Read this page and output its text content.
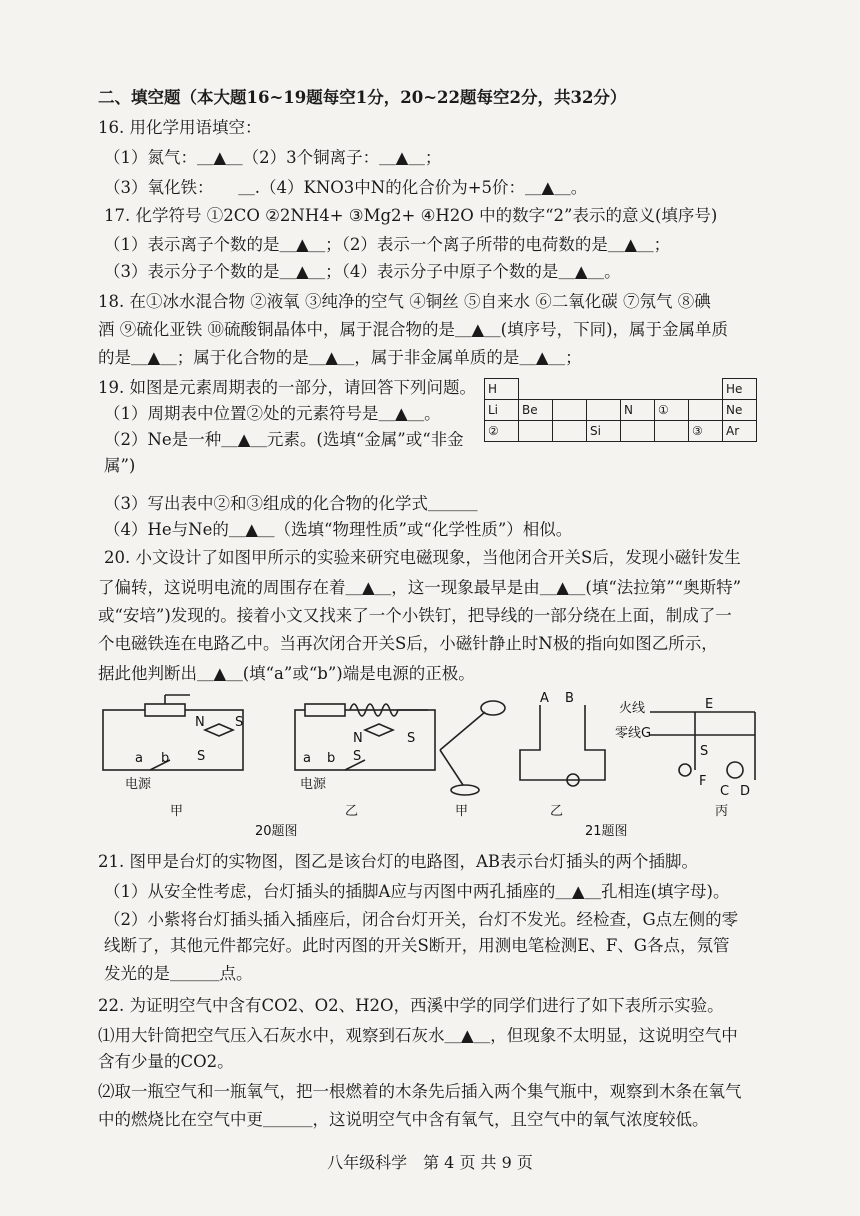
二、填空题（本大题16~19题每空1分，20~22题每空2分，共32分）
16. 用化学用语填空：
（1）氮气：＿▲＿（2）3个铜离子：＿▲＿；
（3）氧化铁：　　＿.（4）KNO3中N的化合价为+5价：＿▲＿。
17. 化学符号 ①2CO ②2NH4+ ③Mg2+ ④H2O 中的数字“2”表示的意义(填序号)
（1）表示离子个数的是＿▲＿；（2）表示一个离子所带的电荷数的是＿▲＿；
（3）表示分子个数的是＿▲＿；（4）表示分子中原子个数的是＿▲＿。
18. 在①冰水混合物 ②液氧 ③纯净的空气 ④铜丝 ⑤自来水 ⑥二氧化碳 ⑦氖气 ⑧碘
酒 ⑨硫化亚铁 ⑩硫酸铜晶体中，属于混合物的是＿▲＿(填序号，下同)，属于金属单质
的是＿▲＿；属于化合物的是＿▲＿，属于非金属单质的是＿▲＿；
19. 如图是元素周期表的一部分，请回答下列问题。
（1）周期表中位置②处的元素符号是＿▲＿。
（2）Ne是一种＿▲＿元素。(选填“金属”或“非金
属”)
（3）写出表中②和③组成的化合物的化学式＿＿＿
（4）He与Ne的＿▲＿（选填“物理性质”或“化学性质”）相似。
20. 小文设计了如图甲所示的实验来研究电磁现象，当他闭合开关S后，发现小磁针发生
了偏转，这说明电流的周围存在着＿▲＿，这一现象最早是由＿▲＿(填“法拉第”“奥斯特”
或“安培”)发现的。接着小文又找来了一个小铁钉，把导线的一部分绕在上面，制成了一
个电磁铁连在电路乙中。当再次闭合开关S后，小磁针静止时N极的指向如图乙所示，
据此他判断出＿▲＿(填“a”或“b”)端是电源的正极。
21. 图甲是台灯的实物图，图乙是该台灯的电路图，AB表示台灯插头的两个插脚。
（1）从安全性考虑，台灯插头的插脚A应与丙图中两孔插座的＿▲＿孔相连(填字母)。
（2）小紫将台灯插头插入插座后，闭合台灯开关，台灯不发光。经检查，G点左侧的零
线断了，其他元件都完好。此时丙图的开关S断开，用测电笔检测E、F、G各点，氖管
发光的是＿＿＿点。
22. 为证明空气中含有CO2、O2、H2O，西溪中学的同学们进行了如下表所示实验。
⑴用大针筒把空气压入石灰水中，观察到石灰水＿▲＿，但现象不太明显，这说明空气中
含有少量的CO2。
⑵取一瓶空气和一瓶氧气，把一根燃着的木条先后插入两个集气瓶中，观察到木条在氧气
中的燃烧比在空气中更＿＿＿，这说明空气中含有氧气，且空气中的氧气浓度较低。
H							He
Li	Be			N	①		Ne
②			Si			③	Ar
N S
a b S
电源
甲
N	S
a b S
电源
乙
20题图
甲
A B
乙
火线
零线G
E
S
F
C D
丙
21题图
八年级科学　第 4 页 共 9 页
